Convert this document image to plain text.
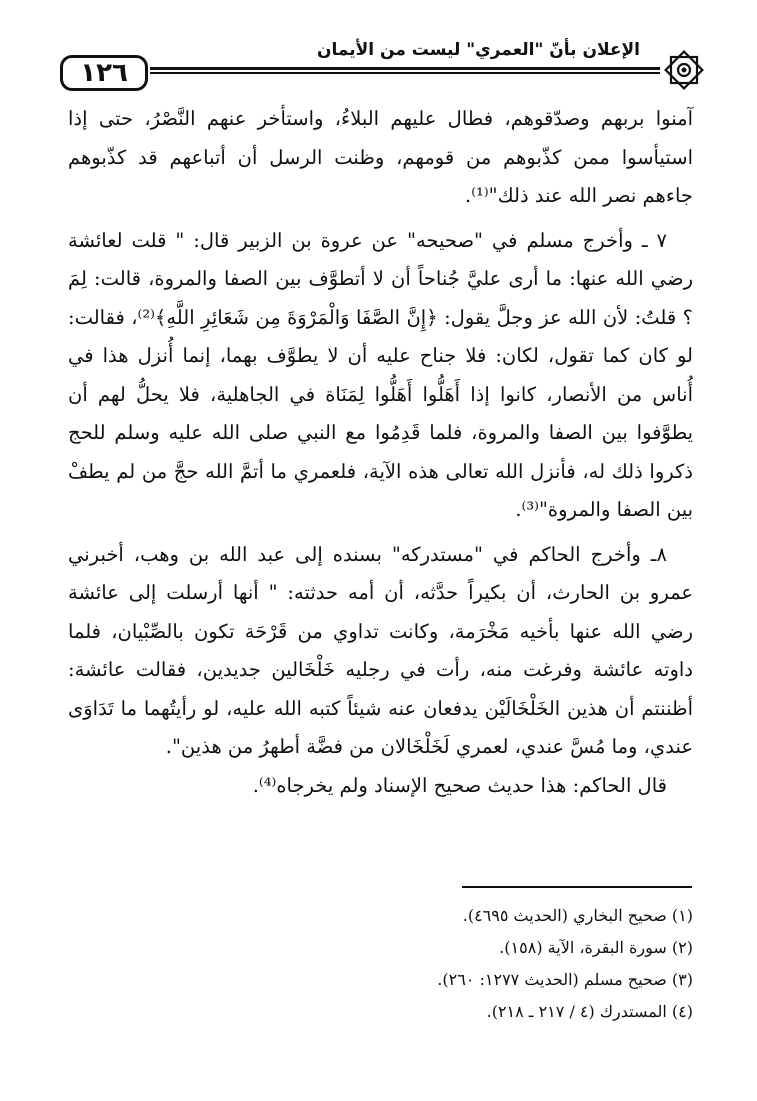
١٢٦
الإعلان بأنّ "العمري" ليست من الأيمان

آمنوا بربهم وصدّقوهم، فطال عليهم البلاءُ، واستأخر عنهم النَّصْرُ، حتى إذا استيأسوا ممن كذّبوهم من قومهم، وظنت الرسل أن أتباعهم قد كذّبوهم جاءهم نصر الله عند ذلك"⁽¹⁾.

٧ ـ وأخرج مسلم في "صحيحه" عن عروة بن الزبير قال: " قلت لعائشة رضي الله عنها: ما أرى عليَّ جُناحاً أن لا أتطوَّف بين الصفا والمروة، قالت: لِمَ ؟ قلتُ: لأن الله عز وجلَّ يقول: ﴿إِنَّ الصَّفَا وَالْمَرْوَةَ مِن شَعَائِرِ اللَّهِ﴾⁽²⁾، فقالت: لو كان كما تقول، لكان: فلا جناح عليه أن لا يطوَّف بهما، إنما أُنزل هذا في أُناس من الأنصار، كانوا إذا أَهَلُّوا أَهَلُّوا لِمَنَاة في الجاهلية، فلا يحلُّ لهم أن يطوَّفوا بين الصفا والمروة، فلما قَدِمُوا مع النبي صلى الله عليه وسلم للحج ذكروا ذلك له، فأنزل الله تعالى هذه الآية، فلعمري ما أتمَّ الله حجَّ من لم يطفْ بين الصفا والمروة"⁽³⁾.

٨ـ وأخرج الحاكم في "مستدركه" بسنده إلى عبد الله بن وهب، أخبرني عمرو بن الحارث، أن بكيراً حدَّثه، أن أمه حدثته: " أنها أرسلت إلى عائشة رضي الله عنها بأخيه مَخْرَمة، وكانت تداوي من قَرْحَة تكون بالصِّبْيان، فلما داوته عائشة وفرغت منه، رأت في رجليه خَلْخَالين جديدين، فقالت عائشة: أظننتم أن هذين الخَلْخَالَيْن يدفعان عنه شيئاً كتبه الله عليه، لو رأيتُهما ما تَدَاوَى عندي، وما مُسَّ عندي، لعمري لَخَلْخَالان من فضَّة أطهرُ من هذين".

قال الحاكم: هذا حديث صحيح الإسناد ولم يخرجاه⁽⁴⁾.

(١) صحيح البخاري (الحديث ٤٦٩٥).
(٢) سورة البقرة، الآية (١٥٨).
(٣) صحيح مسلم (الحديث ١٢٧٧: ٢٦٠).
(٤) المستدرك (٤ / ٢١٧ ـ ٢١٨).
